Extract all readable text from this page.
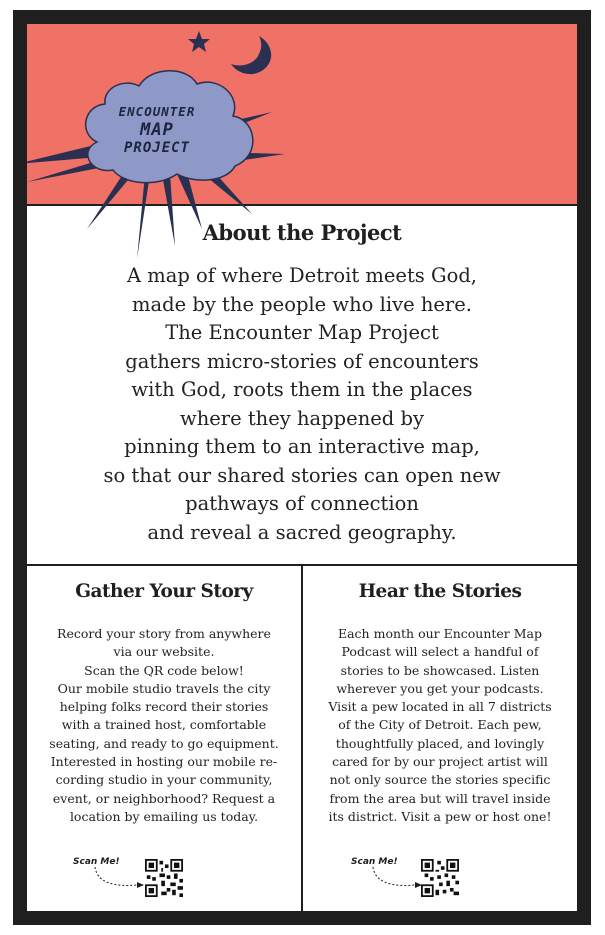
ENCOUNTER
MAP
PROJECT
About the Project
A map of where Detroit meets God,
made by the people who live here.
The Encounter Map Project
gathers micro-stories of encounters
with God, roots them in the places
where they happened by
pinning them to an interactive map,
so that our shared stories can open new
pathways of connection
and reveal a sacred geography.
Gather Your Story
Record your story from anywhere
via our website.
Scan the QR code below!
Our mobile studio travels the city
helping folks record their stories
with a trained host, comfortable
seating, and ready to go equipment.
Interested in hosting our mobile re-
cording studio in your community,
event, or neighborhood? Request a
location by emailing us today.
Scan Me!
Hear the Stories
Each month our Encounter Map
Podcast will select a handful of
stories to be showcased. Listen
wherever you get your podcasts.
Visit a pew located in all 7 districts
of the City of Detroit. Each pew,
thoughtfully placed, and lovingly
cared for by our project artist will
not only source the stories specific
from the area but will travel inside
its district. Visit a pew or host one!
Scan Me!
